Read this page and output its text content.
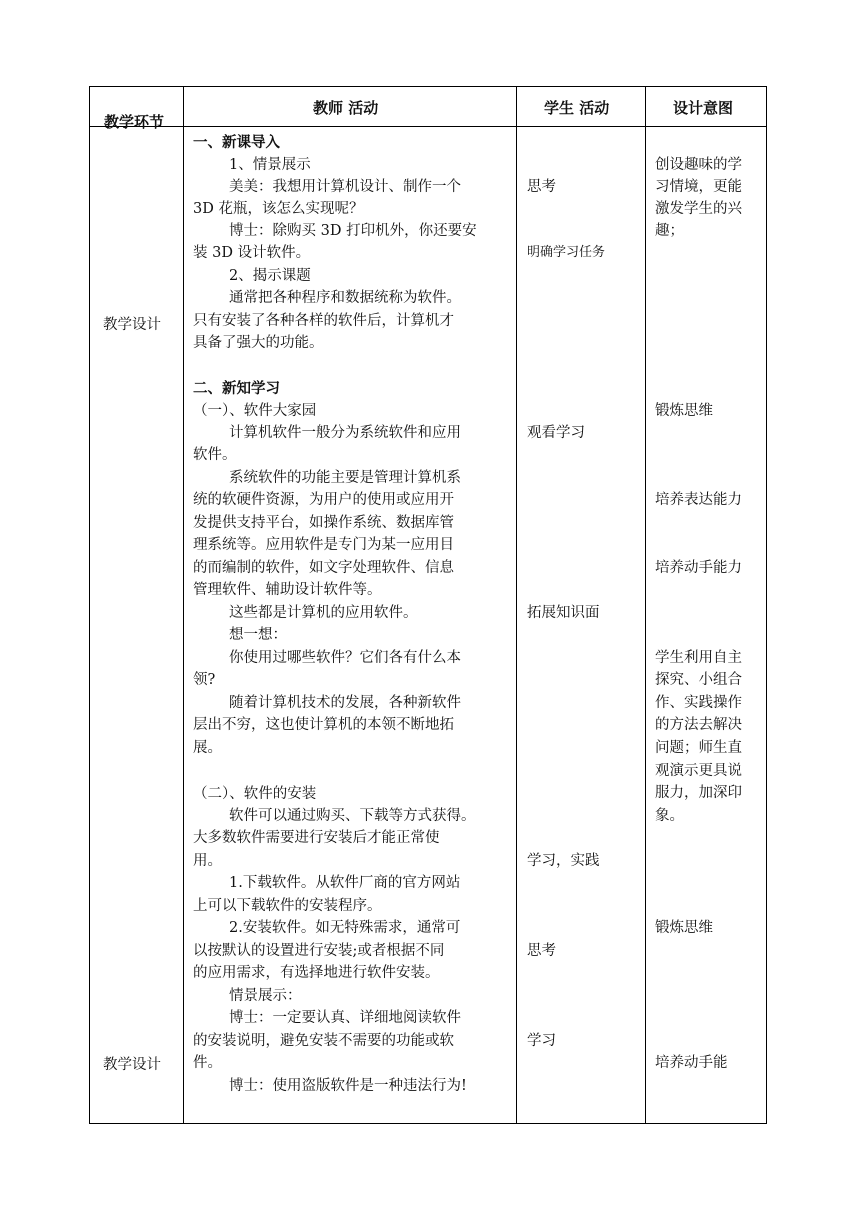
教学环节
教师 活动	学生 活动	设计意图
教学设计
教学设计
一、新课导入
1、情景展示
美美：我想用计算机设计、制作一个
3D 花瓶，该怎么实现呢？
博士：除购买 3D 打印机外，你还要安
装 3D 设计软件。
2、揭示课题
通常把各种程序和数据统称为软件。
只有安装了各种各样的软件后，计算机才
具备了强大的功能。
二、新知学习
（一）、软件大家园
计算机软件一般分为系统软件和应用
软件。
系统软件的功能主要是管理计算机系
统的软硬件资源，为用户的使用或应用开
发提供支持平台，如操作系统、数据库管
理系统等。应用软件是专门为某一应用目
的而编制的软件，如文字处理软件、信息
管理软件、辅助设计软件等。
这些都是计算机的应用软件。
想一想：
你使用过哪些软件？它们各有什么本
领?
随着计算机技术的发展，各种新软件
层出不穷，这也使计算机的本领不断地拓
展。
（二）、软件的安装
软件可以通过购买、下载等方式获得。
大多数软件需要进行安装后才能正常使
用。
1.下载软件。从软件厂商的官方网站
上可以下载软件的安装程序。
2.安装软件。如无特殊需求，通常可
以按默认的设置进行安装;或者根据不同
的应用需求，有选择地进行软件安装。
情景展示：
博士：一定要认真、详细地阅读软件
的安装说明，避免安装不需要的功能或软
件。
博士：使用盗版软件是一种违法行为!
思考
明确学习任务
观看学习
拓展知识面
学习，实践
思考
学习
创设趣味的学
习情境，更能
激发学生的兴
趣；
锻炼思维
培养表达能力
培养动手能力
学生利用自主
探究、小组合
作、实践操作
的方法去解决
问题；师生直
观演示更具说
服力，加深印
象。
锻炼思维
培养动手能
